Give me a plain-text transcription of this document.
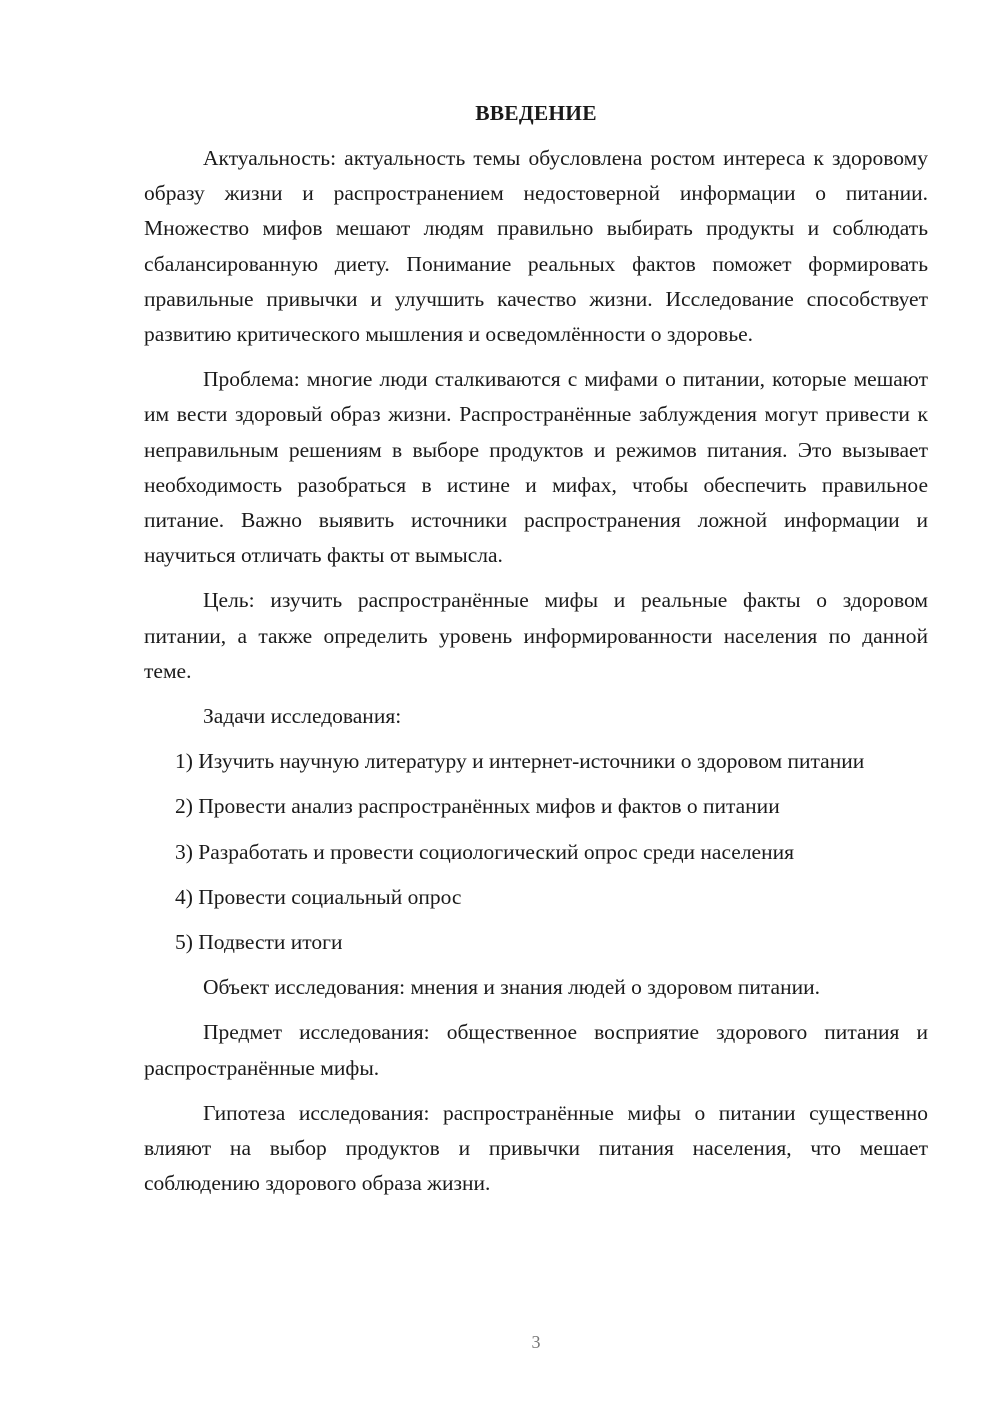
ВВЕДЕНИЕ

Актуальность: актуальность темы обусловлена ростом интереса к здоровому образу жизни и распространением недостоверной информации о питании. Множество мифов мешают людям правильно выбирать продукты и соблюдать сбалансированную диету. Понимание реальных фактов поможет формировать правильные привычки и улучшить качество жизни. Исследование способствует развитию критического мышления и осведомлённости о здоровье.

Проблема: многие люди сталкиваются с мифами о питании, которые мешают им вести здоровый образ жизни. Распространённые заблуждения могут привести к неправильным решениям в выборе продуктов и режимов питания. Это вызывает необходимость разобраться в истине и мифах, чтобы обеспечить правильное питание. Важно выявить источники распространения ложной информации и научиться отличать факты от вымысла.

Цель: изучить распространённые мифы и реальные факты о здоровом питании, а также определить уровень информированности населения по данной теме.

Задачи исследования:

1) Изучить научную литературу и интернет-источники о здоровом питании

2) Провести анализ распространённых мифов и фактов о питании

3) Разработать и провести социологический опрос среди населения

4) Провести социальный опрос

5) Подвести итоги

Объект исследования: мнения и знания людей о здоровом питании.

Предмет исследования: общественное восприятие здорового питания и распространённые мифы.

Гипотеза исследования: распространённые мифы о питании существенно влияют на выбор продуктов и привычки питания населения, что мешает соблюдению здорового образа жизни.

3
